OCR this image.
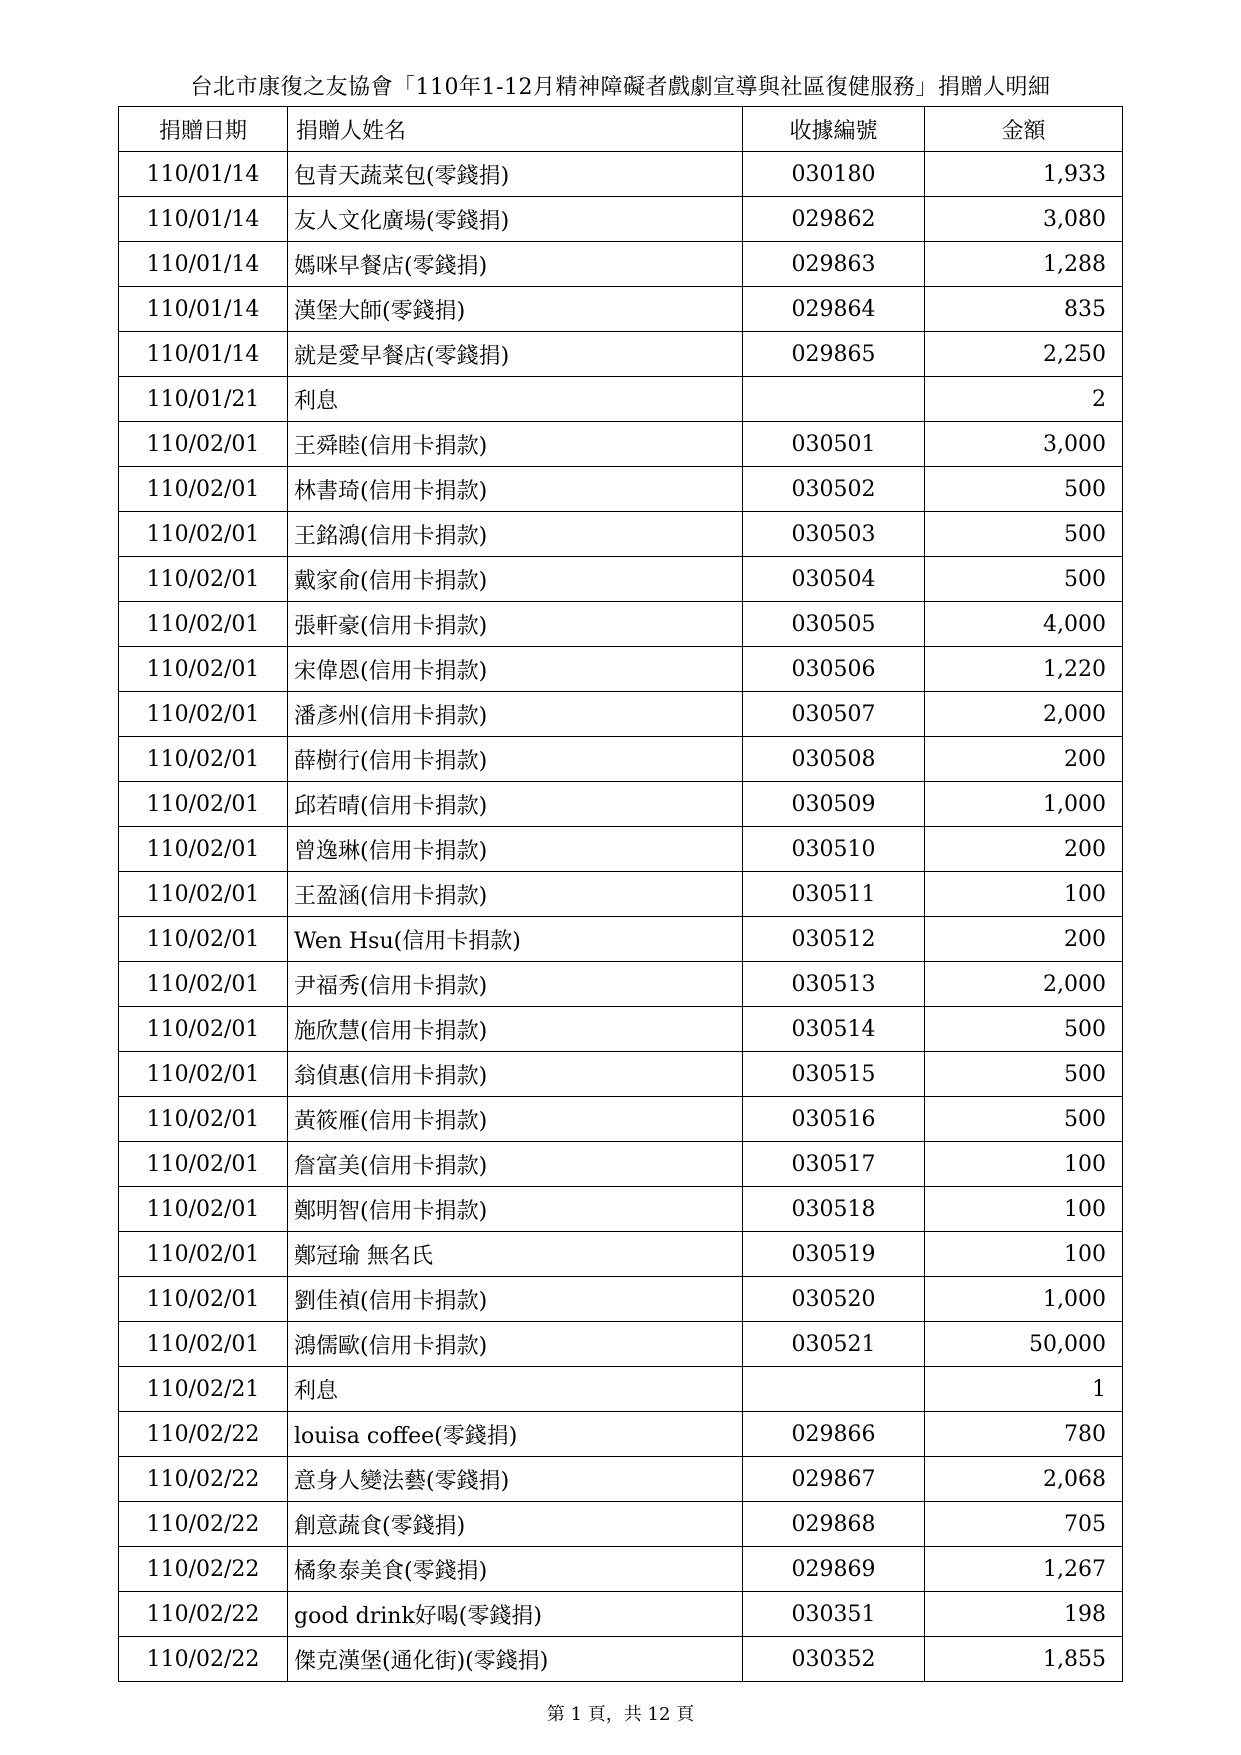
台北市康復之友協會「110年1-12月精神障礙者戲劇宣導與社區復健服務」捐贈人明細
捐贈日期	捐贈人姓名	收據編號	金額
110/01/14	包青天蔬菜包(零錢捐)	030180	1,933
110/01/14	友人文化廣場(零錢捐)	029862	3,080
110/01/14	媽咪早餐店(零錢捐)	029863	1,288
110/01/14	漢堡大師(零錢捐)	029864	835
110/01/14	就是愛早餐店(零錢捐)	029865	2,250
110/01/21	利息		2
110/02/01	王舜睦(信用卡捐款)	030501	3,000
110/02/01	林書琦(信用卡捐款)	030502	500
110/02/01	王銘鴻(信用卡捐款)	030503	500
110/02/01	戴家俞(信用卡捐款)	030504	500
110/02/01	張軒豪(信用卡捐款)	030505	4,000
110/02/01	宋偉恩(信用卡捐款)	030506	1,220
110/02/01	潘彥州(信用卡捐款)	030507	2,000
110/02/01	薛樹行(信用卡捐款)	030508	200
110/02/01	邱若晴(信用卡捐款)	030509	1,000
110/02/01	曾逸琳(信用卡捐款)	030510	200
110/02/01	王盈涵(信用卡捐款)	030511	100
110/02/01	Wen Hsu(信用卡捐款)	030512	200
110/02/01	尹福秀(信用卡捐款)	030513	2,000
110/02/01	施欣慧(信用卡捐款)	030514	500
110/02/01	翁偵惠(信用卡捐款)	030515	500
110/02/01	黃筱雁(信用卡捐款)	030516	500
110/02/01	詹富美(信用卡捐款)	030517	100
110/02/01	鄭明智(信用卡捐款)	030518	100
110/02/01	鄭冠瑜 無名氏	030519	100
110/02/01	劉佳禎(信用卡捐款)	030520	1,000
110/02/01	鴻儒歐(信用卡捐款)	030521	50,000
110/02/21	利息		1
110/02/22	louisa coffee(零錢捐)	029866	780
110/02/22	意身人變法藝(零錢捐)	029867	2,068
110/02/22	創意蔬食(零錢捐)	029868	705
110/02/22	橘象泰美食(零錢捐)	029869	1,267
110/02/22	good drink好喝(零錢捐)	030351	198
110/02/22	傑克漢堡(通化街)(零錢捐)	030352	1,855
第 1 頁，共 12 頁
